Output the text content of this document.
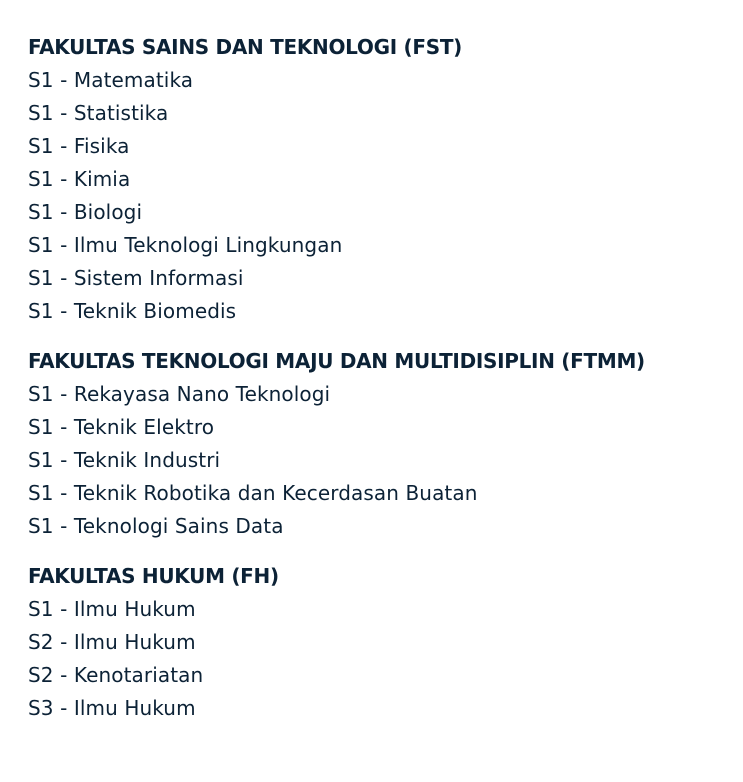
FAKULTAS SAINS DAN TEKNOLOGI (FST)
S1 - Matematika
S1 - Statistika
S1 - Fisika
S1 - Kimia
S1 - Biologi
S1 - Ilmu Teknologi Lingkungan
S1 - Sistem Informasi
S1 - Teknik Biomedis
FAKULTAS TEKNOLOGI MAJU DAN MULTIDISIPLIN (FTMM)
S1 - Rekayasa Nano Teknologi
S1 - Teknik Elektro
S1 - Teknik Industri
S1 - Teknik Robotika dan Kecerdasan Buatan
S1 - Teknologi Sains Data
FAKULTAS HUKUM (FH)
S1 - Ilmu Hukum
S2 - Ilmu Hukum
S2 - Kenotariatan
S3 - Ilmu Hukum
